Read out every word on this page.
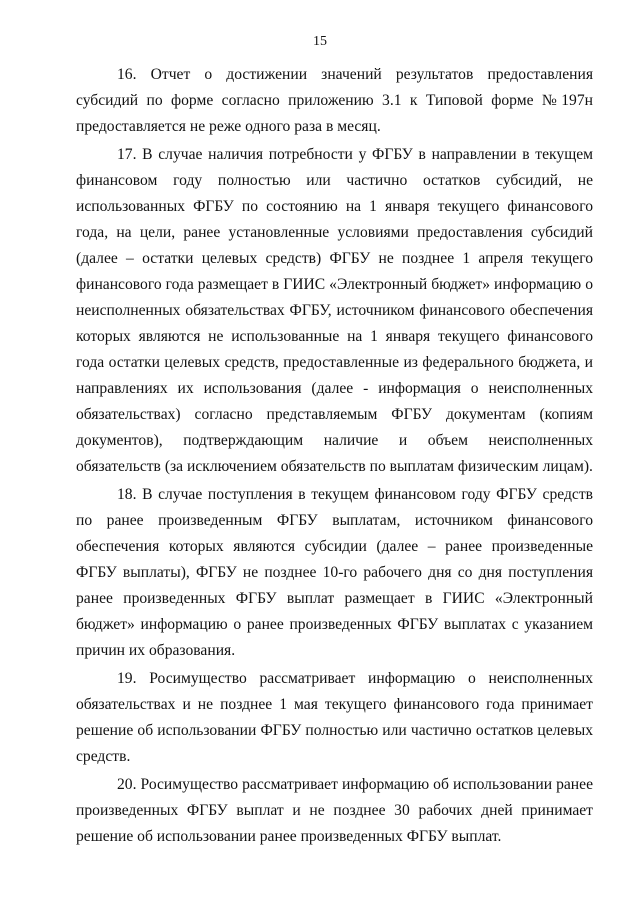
15

16. Отчет о достижении значений результатов предоставления субсидий по форме согласно приложению 3.1 к Типовой форме №197н предоставляется не реже одного раза в месяц.

17. В случае наличия потребности у ФГБУ в направлении в текущем финансовом году полностью или частично остатков субсидий, не использованных ФГБУ по состоянию на 1 января текущего финансового года, на цели, ранее установленные условиями предоставления субсидий (далее – остатки целевых средств) ФГБУ не позднее 1 апреля текущего финансового года размещает в ГИИС «Электронный бюджет» информацию о неисполненных обязательствах ФГБУ, источником финансового обеспечения которых являются не использованные на 1 января текущего финансового года остатки целевых средств, предоставленные из федерального бюджета, и направлениях их использования (далее - информация о неисполненных обязательствах) согласно представляемым ФГБУ документам (копиям документов), подтверждающим наличие и объем неисполненных обязательств (за исключением обязательств по выплатам физическим лицам).

18. В случае поступления в текущем финансовом году ФГБУ средств по ранее произведенным ФГБУ выплатам, источником финансового обеспечения которых являются субсидии (далее – ранее произведенные ФГБУ выплаты), ФГБУ не позднее 10-го рабочего дня со дня поступления ранее произведенных ФГБУ выплат размещает в ГИИС «Электронный бюджет» информацию о ранее произведенных ФГБУ выплатах с указанием причин их образования.

19. Росимущество рассматривает информацию о неисполненных обязательствах и не позднее 1 мая текущего финансового года принимает решение об использовании ФГБУ полностью или частично остатков целевых средств.

20. Росимущество рассматривает информацию об использовании ранее произведенных ФГБУ выплат и не позднее 30 рабочих дней принимает решение об использовании ранее произведенных ФГБУ выплат.
